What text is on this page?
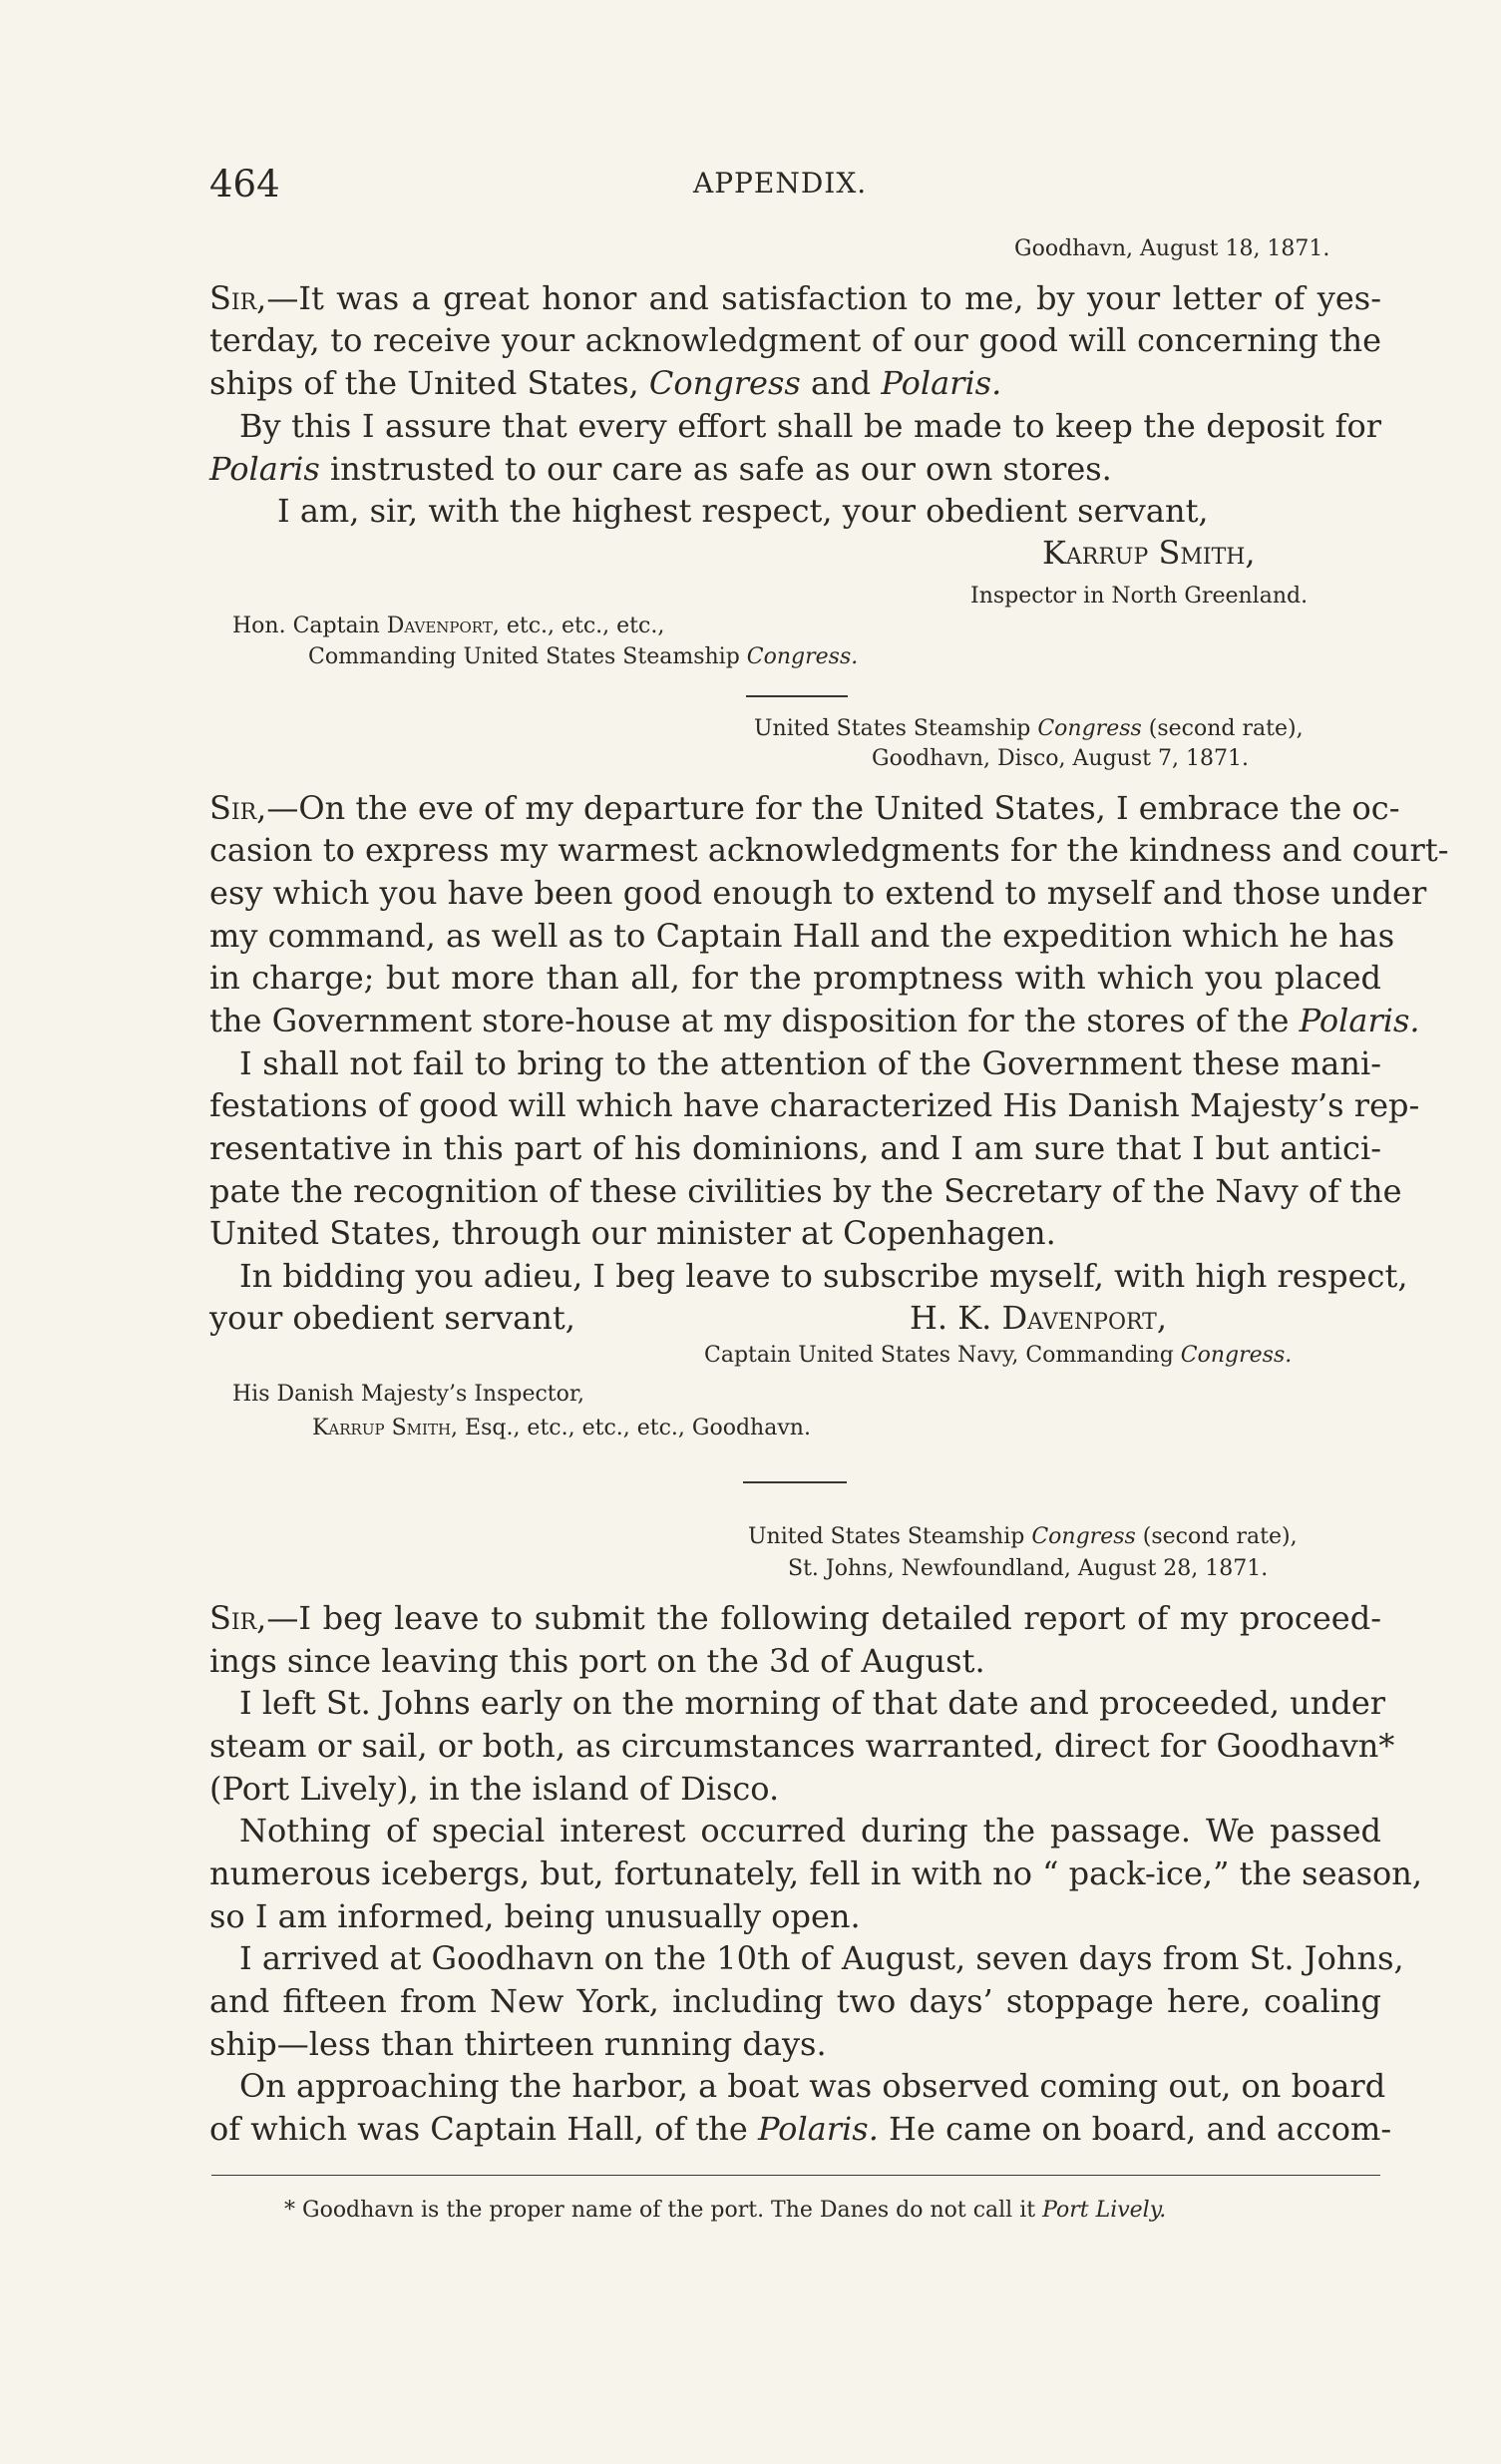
464	APPENDIX.
Goodhavn, August 18, 1871.
Sir,—It was a great honor and satisfaction to me, by your letter of yes-
terday, to receive your acknowledgment of our good will concerning the
ships of the United States, Congress and Polaris.
By this I assure that every effort shall be made to keep the deposit for
Polaris instrusted to our care as safe as our own stores.
I am, sir, with the highest respect, your obedient servant,
Karrup Smith,
Inspector in North Greenland.
Hon. Captain Davenport, etc., etc., etc.,
Commanding United States Steamship Congress.
United States Steamship Congress (second rate),
Goodhavn, Disco, August 7, 1871.
Sir,—On the eve of my departure for the United States, I embrace the oc-
casion to express my warmest acknowledgments for the kindness and court-
esy which you have been good enough to extend to myself and those under
my command, as well as to Captain Hall and the expedition which he has
in charge; but more than all, for the promptness with which you placed
the Government store-house at my disposition for the stores of the Polaris.
I shall not fail to bring to the attention of the Government these mani-
festations of good will which have characterized His Danish Majesty’s rep-
resentative in this part of his dominions, and I am sure that I but antici-
pate the recognition of these civilities by the Secretary of the Navy of the
United States, through our minister at Copenhagen.
In bidding you adieu, I beg leave to subscribe myself, with high respect,
your obedient servant,	H. K. Davenport,
Captain United States Navy, Commanding Congress.
His Danish Majesty’s Inspector,
Karrup Smith, Esq., etc., etc., etc., Goodhavn.
United States Steamship Congress (second rate),
St. Johns, Newfoundland, August 28, 1871.
Sir,—I beg leave to submit the following detailed report of my proceed-
ings since leaving this port on the 3d of August.
I left St. Johns early on the morning of that date and proceeded, under
steam or sail, or both, as circumstances warranted, direct for Goodhavn*
(Port Lively), in the island of Disco.
Nothing of special interest occurred during the passage. We passed
numerous icebergs, but, fortunately, fell in with no “ pack-ice,” the season,
so I am informed, being unusually open.
I arrived at Goodhavn on the 10th of August, seven days from St. Johns,
and fifteen from New York, including two days’ stoppage here, coaling
ship—less than thirteen running days.
On approaching the harbor, a boat was observed coming out, on board
of which was Captain Hall, of the Polaris. He came on board, and accom-
* Goodhavn is the proper name of the port. The Danes do not call it Port Lively.
